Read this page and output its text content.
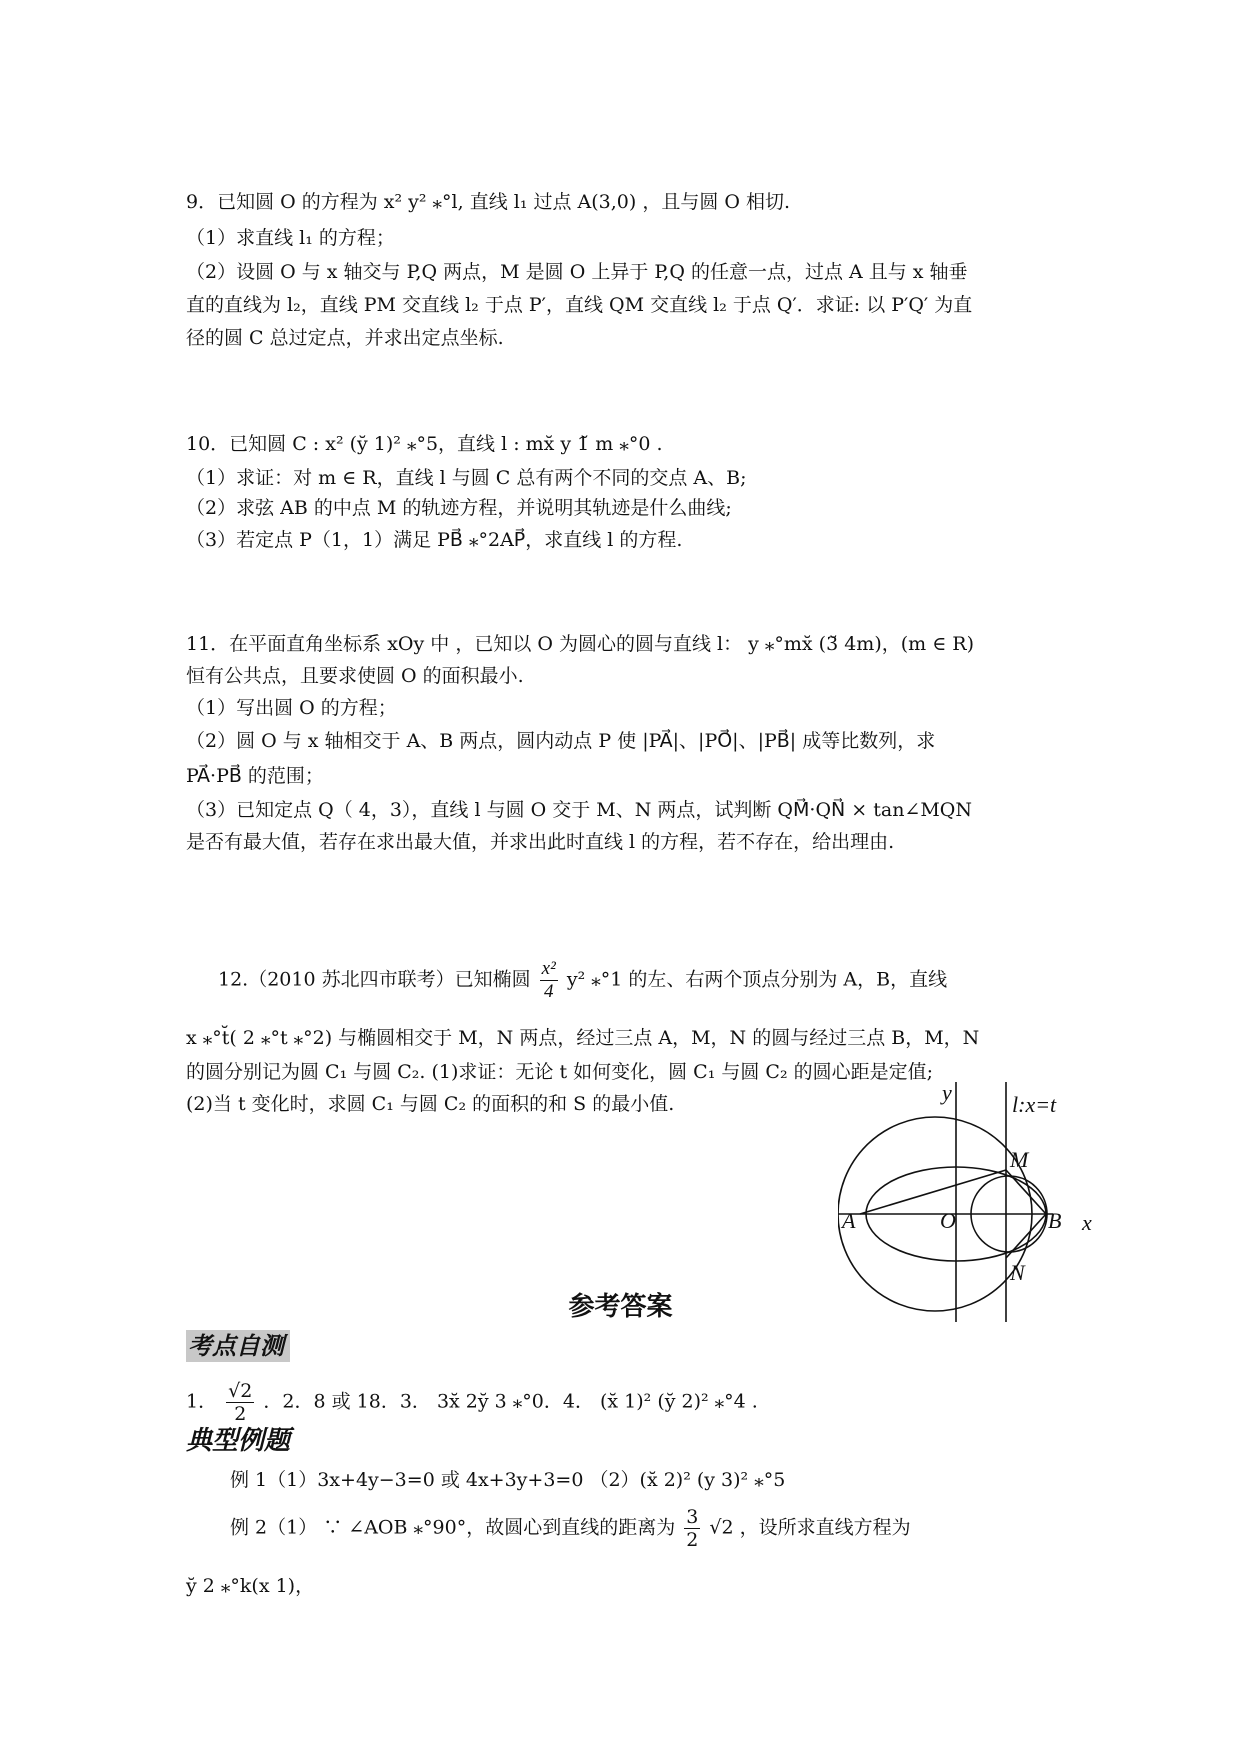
9．已知圆 O 的方程为 x² y² ⁎°l, 直线 l₁ 过点 A(3,0) ，且与圆 O 相切.
（1）求直线 l₁ 的方程；
（2）设圆 O 与 x 轴交与 P,Q 两点，M 是圆 O 上异于 P,Q 的任意一点，过点 A 且与 x 轴垂
直的直线为 l₂，直线 PM 交直线 l₂ 于点 P′，直线 QM 交直线 l₂ 于点 Q′．求证: 以 P′Q′ 为直
径的圆 C 总过定点，并求出定点坐标.
10．已知圆 C : x² (y̆ 1)² ⁎°5，直线 l : mx̆ y 1̆ m ⁎°0 .
（1）求证：对 m ∈ R，直线 l 与圆 C 总有两个不同的交点 A、B;
（2）求弦 AB 的中点 M 的轨迹方程，并说明其轨迹是什么曲线;
（3）若定点 P（1，1）满足 PB⃗ ⁎°2AP⃗，求直线 l 的方程.
11．在平面直角坐标系 xOy 中 ，已知以 O 为圆心的圆与直线 l： y ⁎°mx̆ (3̆ 4m)，(m ∈ R)
恒有公共点，且要求使圆 O 的面积最小.
（1）写出圆 O 的方程；
（2）圆 O 与 x 轴相交于 A、B 两点，圆内动点 P 使 |PA⃗|、|PO⃗|、|PB⃗| 成等比数列，求
PA⃗·PB⃗ 的范围；
（3）已知定点 Q（ 4，3），直线 l 与圆 O 交于 M、N 两点，试判断 QM⃗·QN⃗ × tan∠MQN
是否有最大值，若存在求出最大值，并求出此时直线 l 的方程，若不存在，给出理由.
12.（2010 苏北四市联考）已知椭圆 $\frac{\text{x²}}{4} y^2$ ⁎°1 的左、右两个顶点分别为 A，B，直线
x ⁎°t̆( 2 ⁎°t ⁎°2) 与椭圆相交于 M，N 两点，经过三点 A，M，N 的圆与经过三点 B，M，N
的圆分别记为圆 C₁ 与圆 C₂. (1)求证：无论 t 如何变化，圆 C₁ 与圆 C₂ 的圆心距是定值;
(2)当 t 变化时，求圆 C₁ 与圆 C₂ 的面积的和 S 的最小值.	y	l:x=t
M
A	O	B x
N
参考答案
考点自测
1． $\frac{√2}{2}$ ．2．8 或 18．3． 3x̆ 2y̆ 3 ⁎°0．4． (x̆ 1)² (y̆ 2)² ⁎°4 .
典型例题
例 1（1）3x+4y−3=0 或 4x+3y+3=0 （2）(x̆ 2)² (y 3)² ⁎°5
例 2（1） ∵ ∠AOB ⁎°90°，故圆心到直线的距离为 $\frac{3}{2} √2$ ，设所求直线方程为
y̆ 2 ⁎°k(x 1)，
